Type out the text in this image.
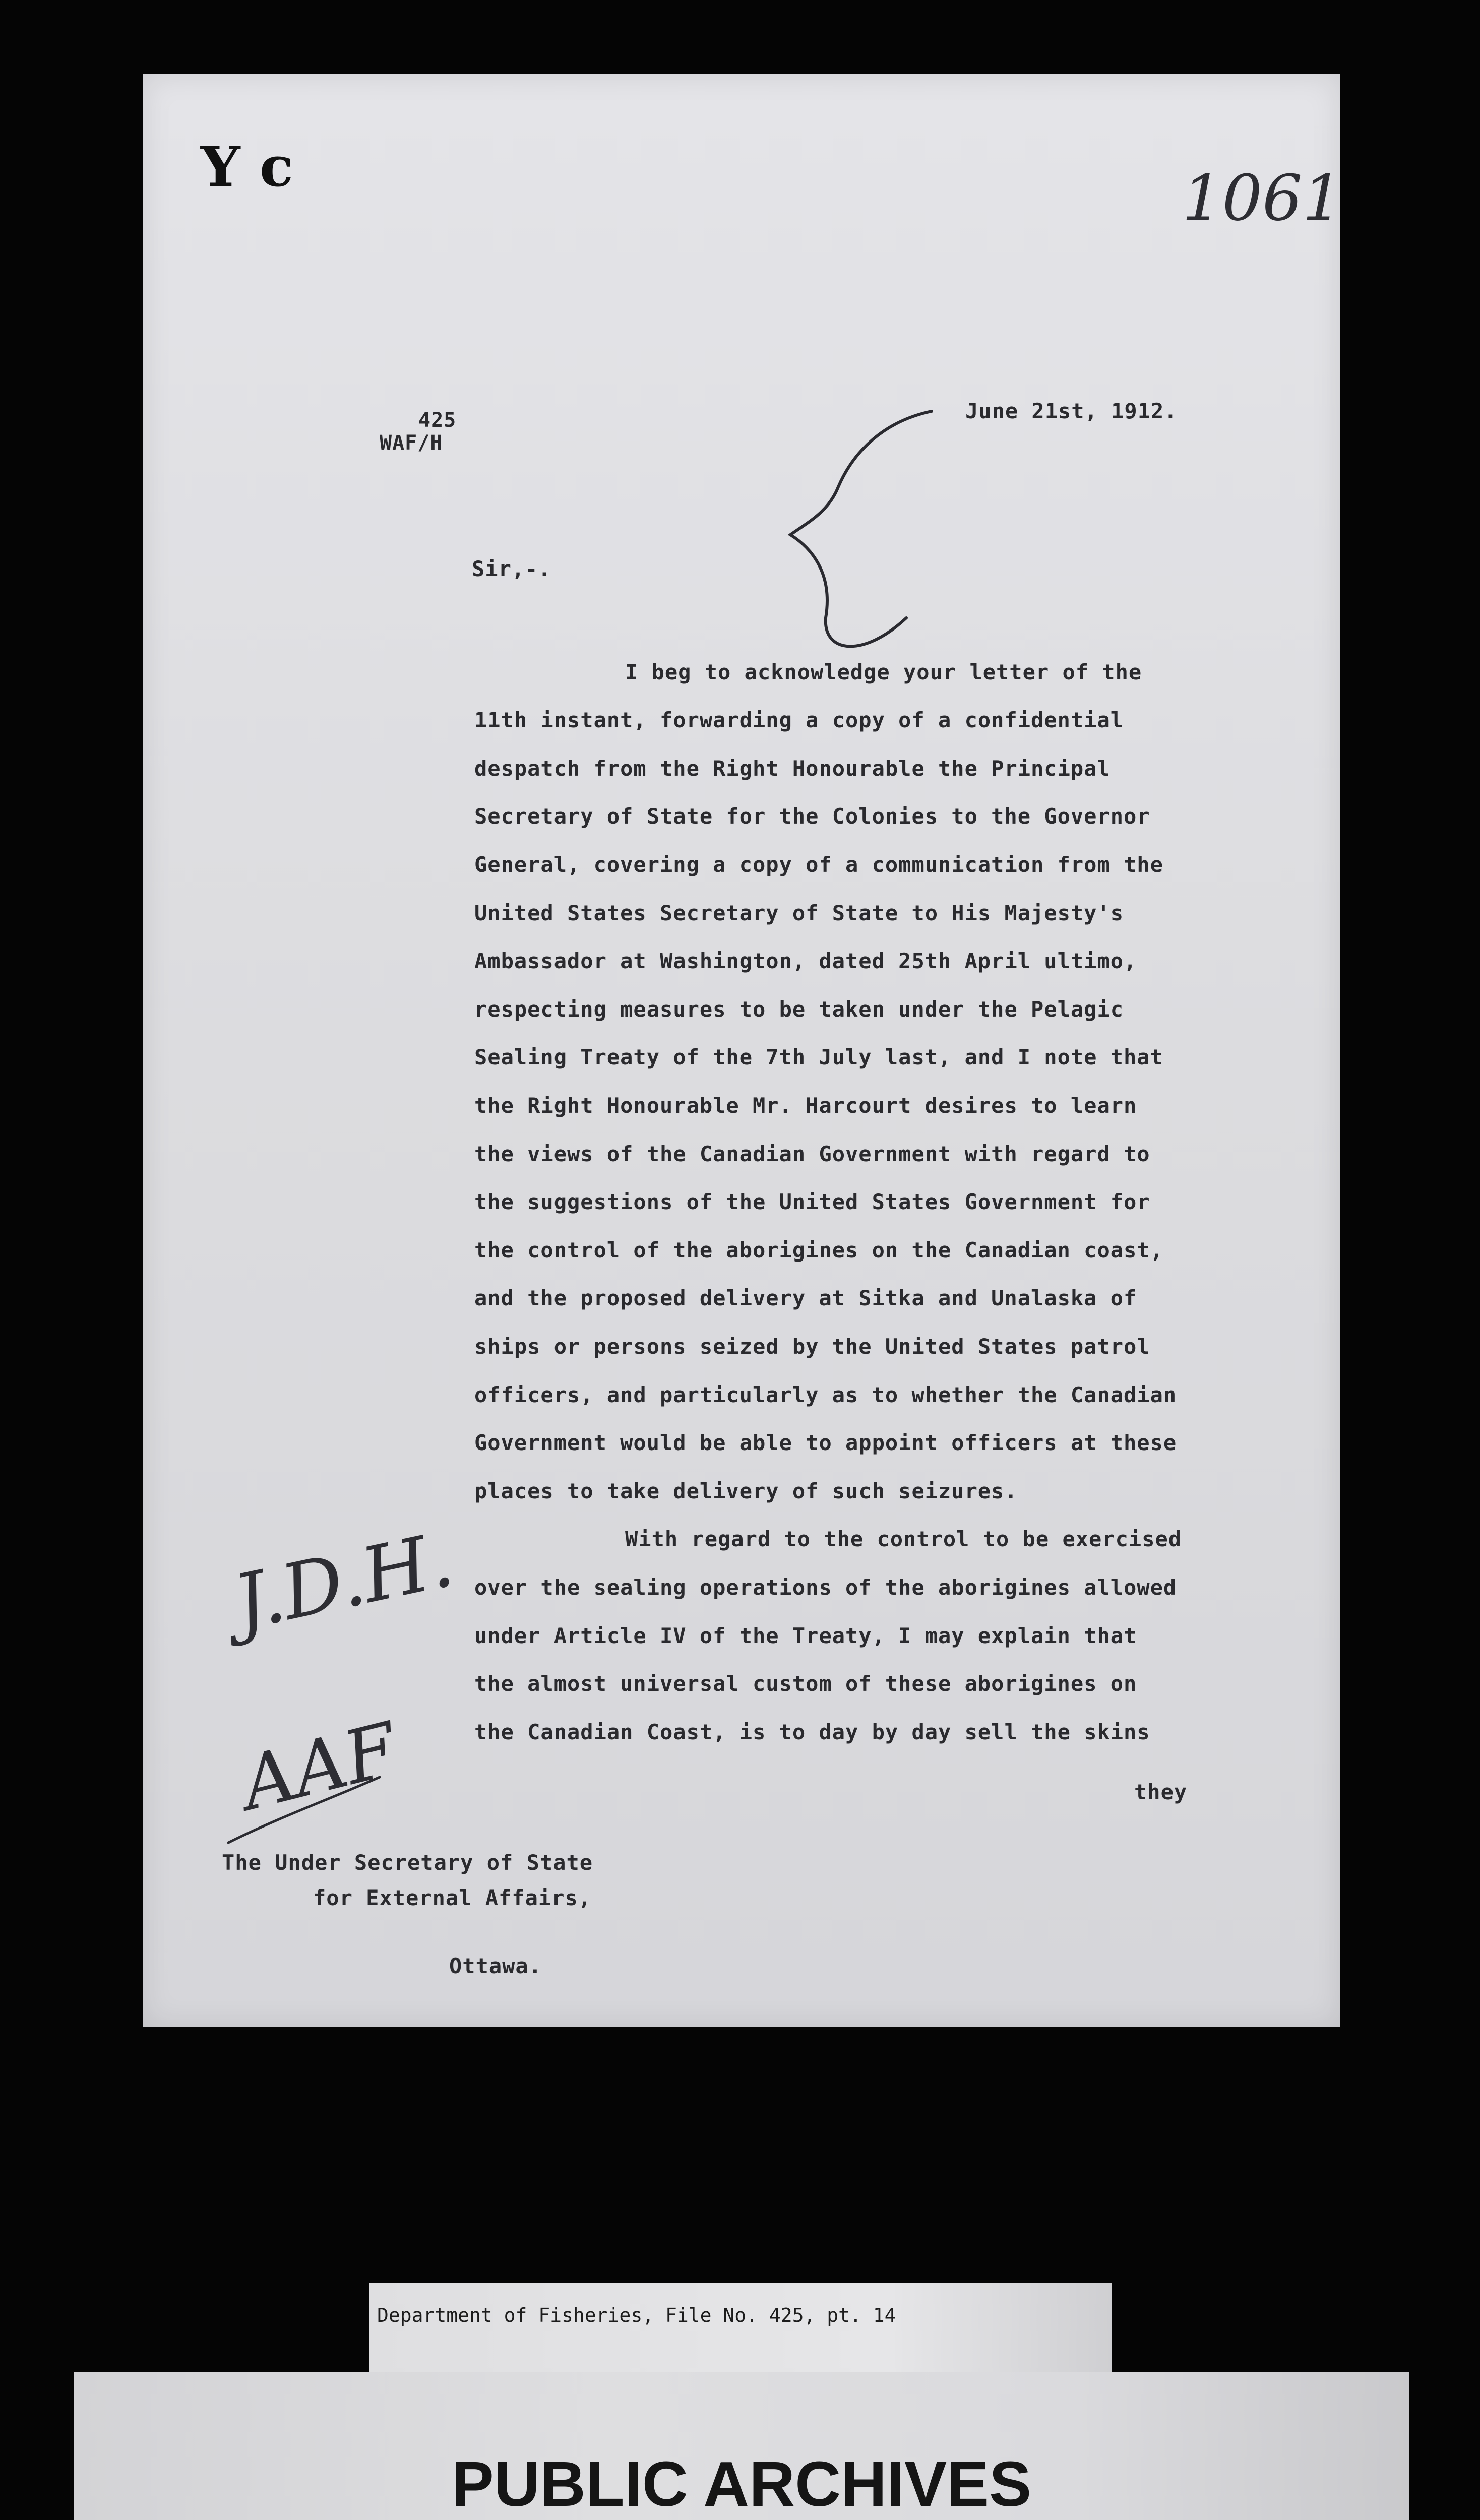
Y c	1061

425

WAF/H

June 21st, 1912.

Sir,-.

I beg to acknowledge your letter of the

11th instant, forwarding a copy of a confidential

despatch from the Right Honourable the Principal

Secretary of State for the Colonies to the Governor

General, covering a copy of a communication from the

United States Secretary of State to His Majesty's

Ambassador at Washington, dated 25th April ultimo,

respecting measures to be taken under the Pelagic

Sealing Treaty of the 7th July last, and I note that

the Right Honourable Mr. Harcourt desires to learn

the views of the Canadian Government with regard to

the suggestions of the United States Government for

the control of the aborigines on the Canadian coast,

and the proposed delivery at Sitka and Unalaska of

ships or persons seized by the United States patrol

officers, and particularly as to whether the Canadian

Government would be able to appoint officers at these

places to take delivery of such seizures.

With regard to the control to be exercised

over the sealing operations of the aborigines allowed

under Article IV of the Treaty, I may explain that

the almost universal custom of these aborigines on

the Canadian Coast, is to day by day sell the skins

they

J.D.H.

AAF

The Under Secretary of State

for External Affairs,

Ottawa.

Department of Fisheries, File No. 425, pt. 14
PUBLIC ARCHIVES
